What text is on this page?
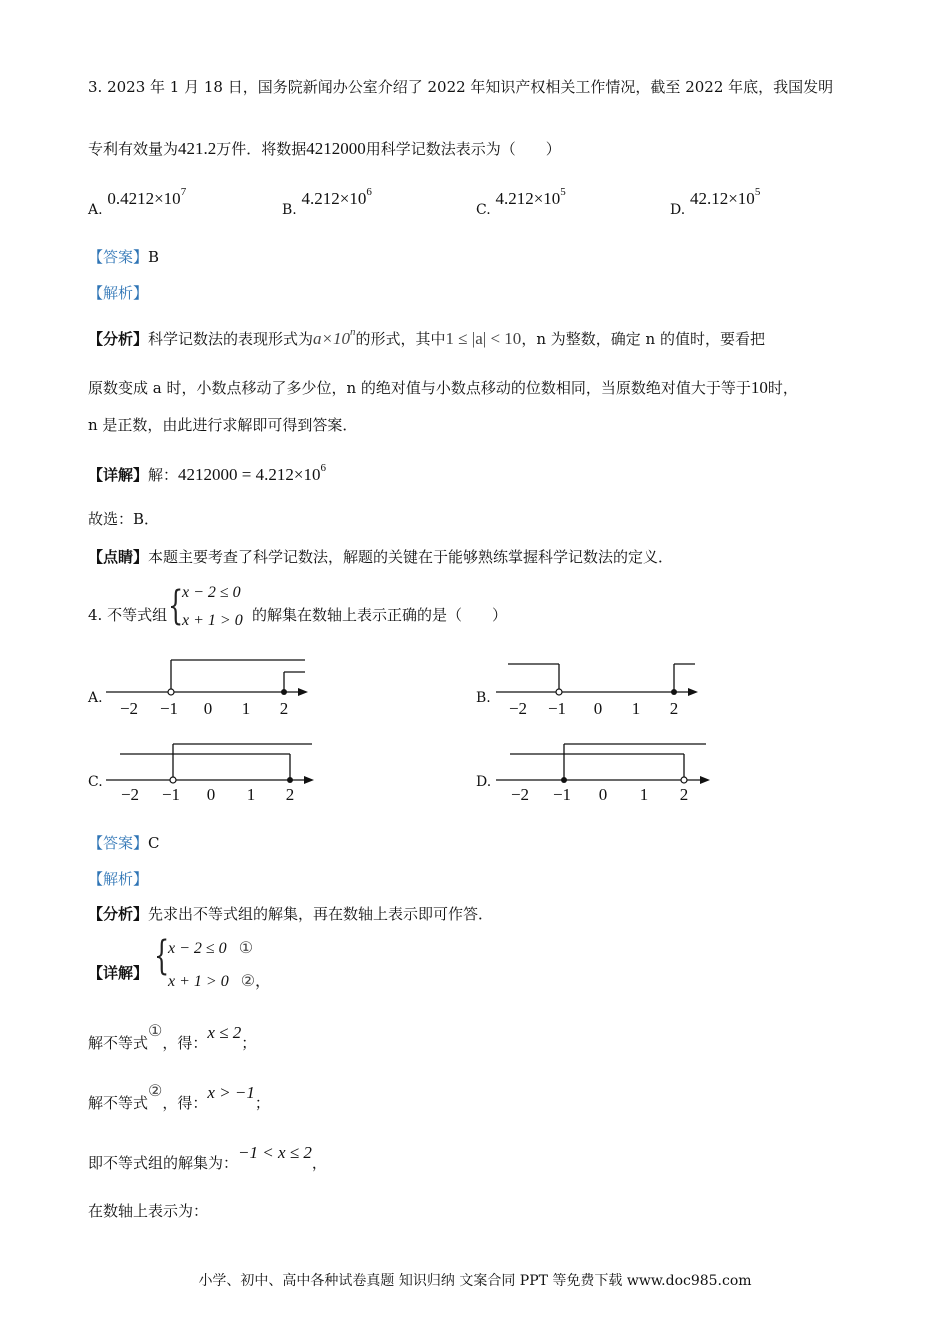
3. 2023 年 1 月 18 日，国务院新闻办公室介绍了 2022 年知识产权相关工作情况，截至 2022 年底，我国发明
专利有效量为421.2万件．将数据4212000用科学记数法表示为（　　）
A. $0.4212\times 10^7$
B. $4.212\times 10^6$
C. $4.212\times 10^5$
D. $42.12\times 10^5$
【答案】B
【解析】
【分析】科学记数法的表现形式为$a\times 10^n$的形式，其中1 ≤ |a| < 10，n 为整数，确定 n 的值时，要看把
原数变成 a 时，小数点移动了多少位，n 的绝对值与小数点移动的位数相同，当原数绝对值大于等于10时，
n 是正数，由此进行求解即可得到答案．
【详解】解：$4212000 = 4.212\times 10^6$
故选：B．
【点睛】本题主要考查了科学记数法，解题的关键在于能够熟练掌握科学记数法的定义．
4. 不等式组 {
x − 2 ≤ 0
x + 1 > 0 的解集在数轴上表示正确的是（　　）
A.
−2 −1 0 1 2
B.
−2 −1 0 1 2
C.
−2 −1 0 1 2
D.
−2 −1 0 1 2
【答案】C
【解析】
【分析】先求出不等式组的解集，再在数轴上表示即可作答．
【详解】 {
x − 2 ≤ 0 ①
x + 1 > 0 ②，
解不等式①，得：x ≤ 2；
解不等式②，得：x > −1；
即不等式组的解集为：−1 < x ≤ 2，
在数轴上表示为：
小学、初中、高中各种试卷真题 知识归纳 文案合同 PPT 等免费下载 www.doc985.com
